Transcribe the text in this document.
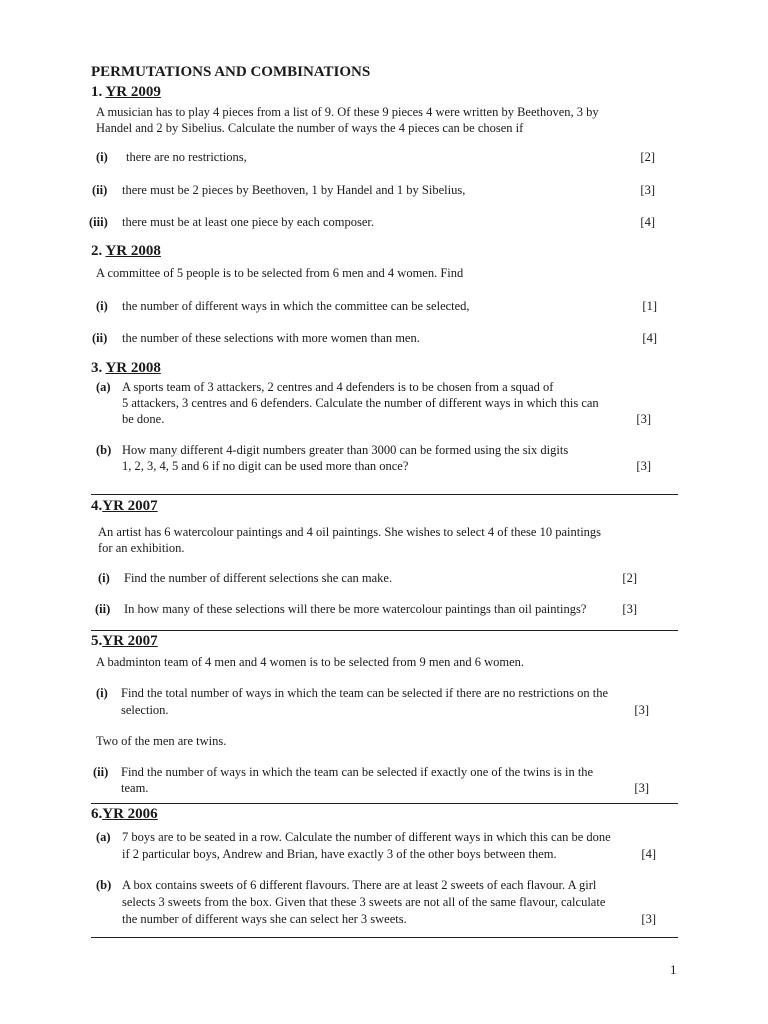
PERMUTATIONS AND COMBINATIONS
1. YR 2009
A musician has to play 4 pieces from a list of 9. Of these 9 pieces 4 were written by Beethoven, 3 by
Handel and 2 by Sibelius. Calculate the number of ways the 4 pieces can be chosen if
(i) there are no restrictions,	[2]
(ii) there must be 2 pieces by Beethoven, 1 by Handel and 1 by Sibelius,	[3]
(iii) there must be at least one piece by each composer.	[4]
2. YR 2008
A committee of 5 people is to be selected from 6 men and 4 women. Find
(i) the number of different ways in which the committee can be selected,	[1]
(ii) the number of these selections with more women than men.	[4]
3. YR 2008
(a) A sports team of 3 attackers, 2 centres and 4 defenders is to be chosen from a squad of
5 attackers, 3 centres and 6 defenders. Calculate the number of different ways in which this can
be done.	[3]
(b) How many different 4-digit numbers greater than 3000 can be formed using the six digits
1, 2, 3, 4, 5 and 6 if no digit can be used more than once?	[3]
4.YR 2007
An artist has 6 watercolour paintings and 4 oil paintings. She wishes to select 4 of these 10 paintings
for an exhibition.
(i) Find the number of different selections she can make.	[2]
(ii) In how many of these selections will there be more watercolour paintings than oil paintings?	[3]
5.YR 2007
A badminton team of 4 men and 4 women is to be selected from 9 men and 6 women.
(i) Find the total number of ways in which the team can be selected if there are no restrictions on the
selection.	[3]
Two of the men are twins.
(ii) Find the number of ways in which the team can be selected if exactly one of the twins is in the
team.	[3]
6.YR 2006
(a) 7 boys are to be seated in a row. Calculate the number of different ways in which this can be done
if 2 particular boys, Andrew and Brian, have exactly 3 of the other boys between them.	[4]
(b) A box contains sweets of 6 different flavours. There are at least 2 sweets of each flavour. A girl
selects 3 sweets from the box. Given that these 3 sweets are not all of the same flavour, calculate
the number of different ways she can select her 3 sweets.	[3]
1
